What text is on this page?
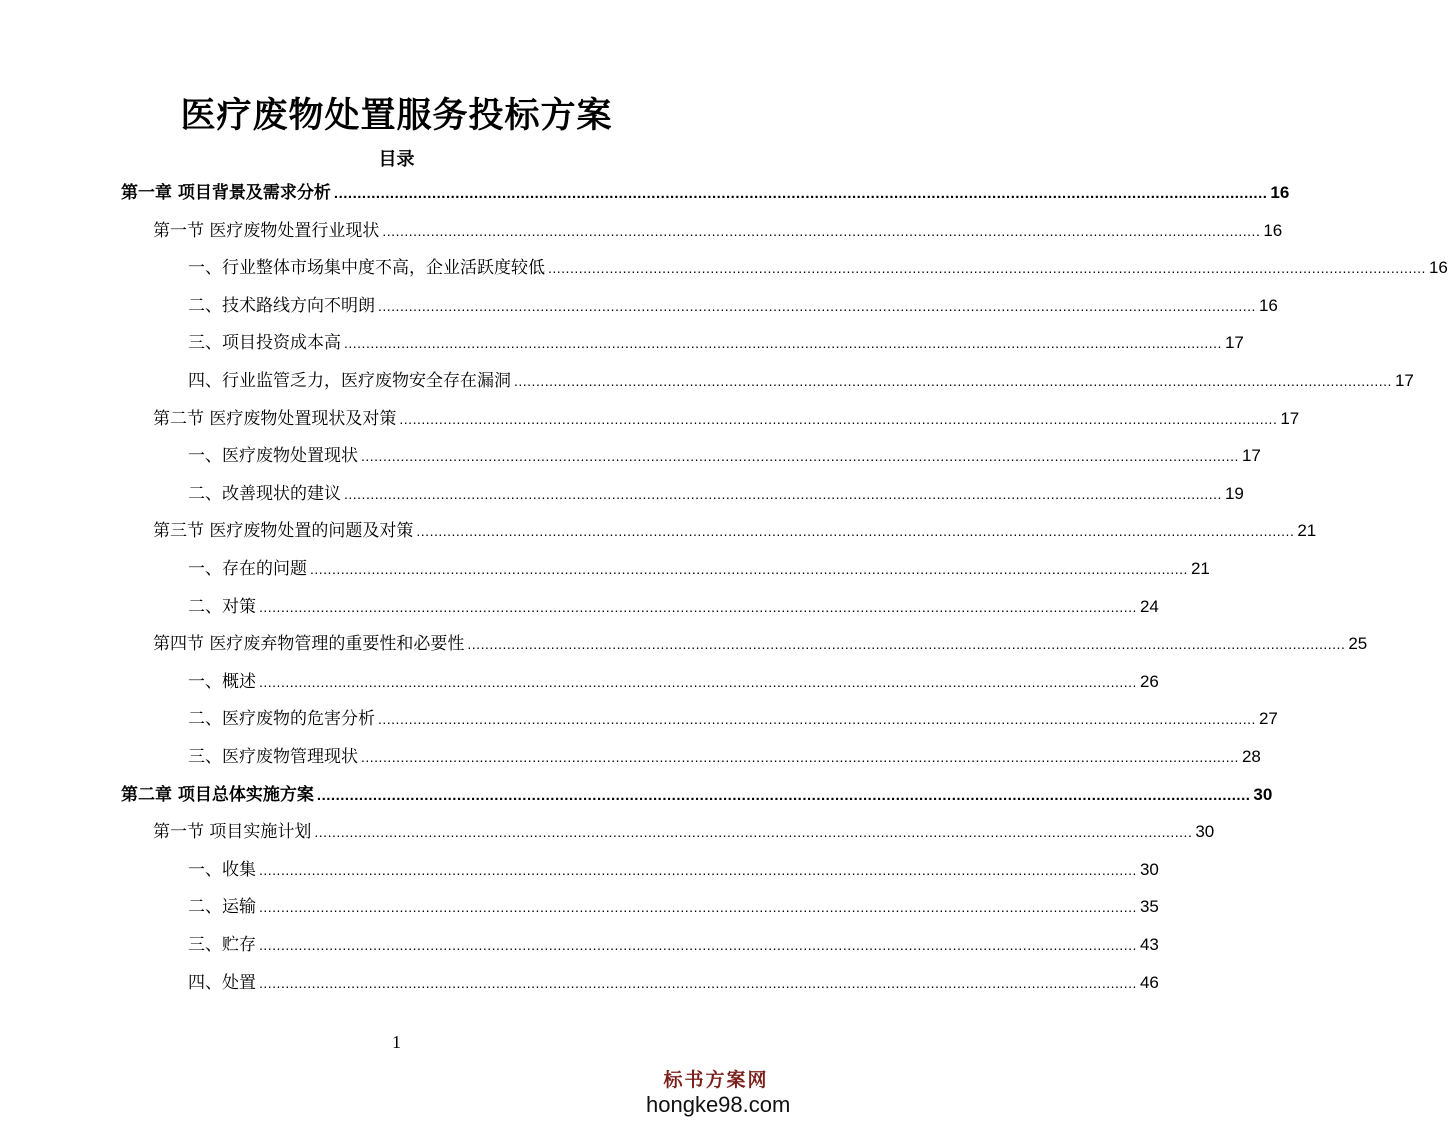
医疗废物处置服务投标方案
目录
第一章 项目背景及需求分析 ........................................................................................................................................................................................................ 16
第一节 医疗废物处置行业现状 ........................................................................................................................................................................................................ 16
一、行业整体市场集中度不高，企业活跃度较低 ........................................................................................................................................................................................................ 16
二、技术路线方向不明朗 ........................................................................................................................................................................................................ 16
三、项目投资成本高 ........................................................................................................................................................................................................ 17
四、行业监管乏力，医疗废物安全存在漏洞 ........................................................................................................................................................................................................ 17
第二节 医疗废物处置现状及对策 ........................................................................................................................................................................................................ 17
一、医疗废物处置现状 ........................................................................................................................................................................................................ 17
二、改善现状的建议 ........................................................................................................................................................................................................ 19
第三节 医疗废物处置的问题及对策 ........................................................................................................................................................................................................ 21
一、存在的问题 ........................................................................................................................................................................................................ 21
二、对策 ........................................................................................................................................................................................................ 24
第四节 医疗废弃物管理的重要性和必要性 ........................................................................................................................................................................................................ 25
一、概述 ........................................................................................................................................................................................................ 26
二、医疗废物的危害分析 ........................................................................................................................................................................................................ 27
三、医疗废物管理现状 ........................................................................................................................................................................................................ 28
第二章 项目总体实施方案 ........................................................................................................................................................................................................ 30
第一节 项目实施计划 ........................................................................................................................................................................................................ 30
一、收集 ........................................................................................................................................................................................................ 30
二、运输 ........................................................................................................................................................................................................ 35
三、贮存 ........................................................................................................................................................................................................ 43
四、处置 ........................................................................................................................................................................................................ 46
1
标书方案网
hongke98.com
